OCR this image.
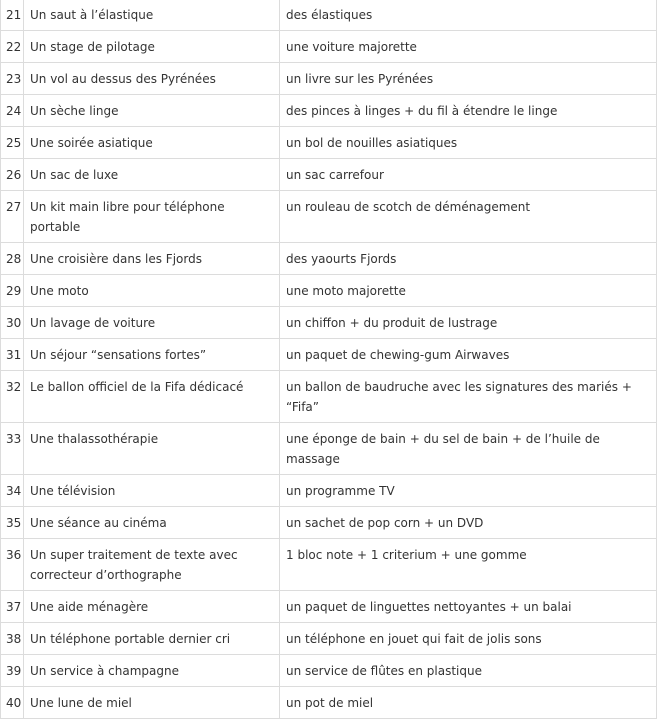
21	Un saut à l’élastique	des élastiques
22	Un stage de pilotage	une voiture majorette
23	Un vol au dessus des Pyrénées	un livre sur les Pyrénées
24	Un sèche linge	des pinces à linges + du fil à étendre le linge
25	Une soirée asiatique	un bol de nouilles asiatiques
26	Un sac de luxe	un sac carrefour
27	Un kit main libre pour téléphone portable	un rouleau de scotch de déménagement
28	Une croisière dans les Fjords	des yaourts Fjords
29	Une moto	une moto majorette
30	Un lavage de voiture	un chiffon + du produit de lustrage
31	Un séjour “sensations fortes”	un paquet de chewing-gum Airwaves
32	Le ballon officiel de la Fifa dédicacé	un ballon de baudruche avec les signatures des mariés + “Fifa”
33	Une thalassothérapie	une éponge de bain + du sel de bain + de l’huile de massage
34	Une télévision	un programme TV
35	Une séance au cinéma	un sachet de pop corn + un DVD
36	Un super traitement de texte avec correcteur d’orthographe	1 bloc note + 1 criterium + une gomme
37	Une aide ménagère	un paquet de linguettes nettoyantes + un balai
38	Un téléphone portable dernier cri	un téléphone en jouet qui fait de jolis sons
39	Un service à champagne	un service de flûtes en plastique
40	Une lune de miel	un pot de miel
